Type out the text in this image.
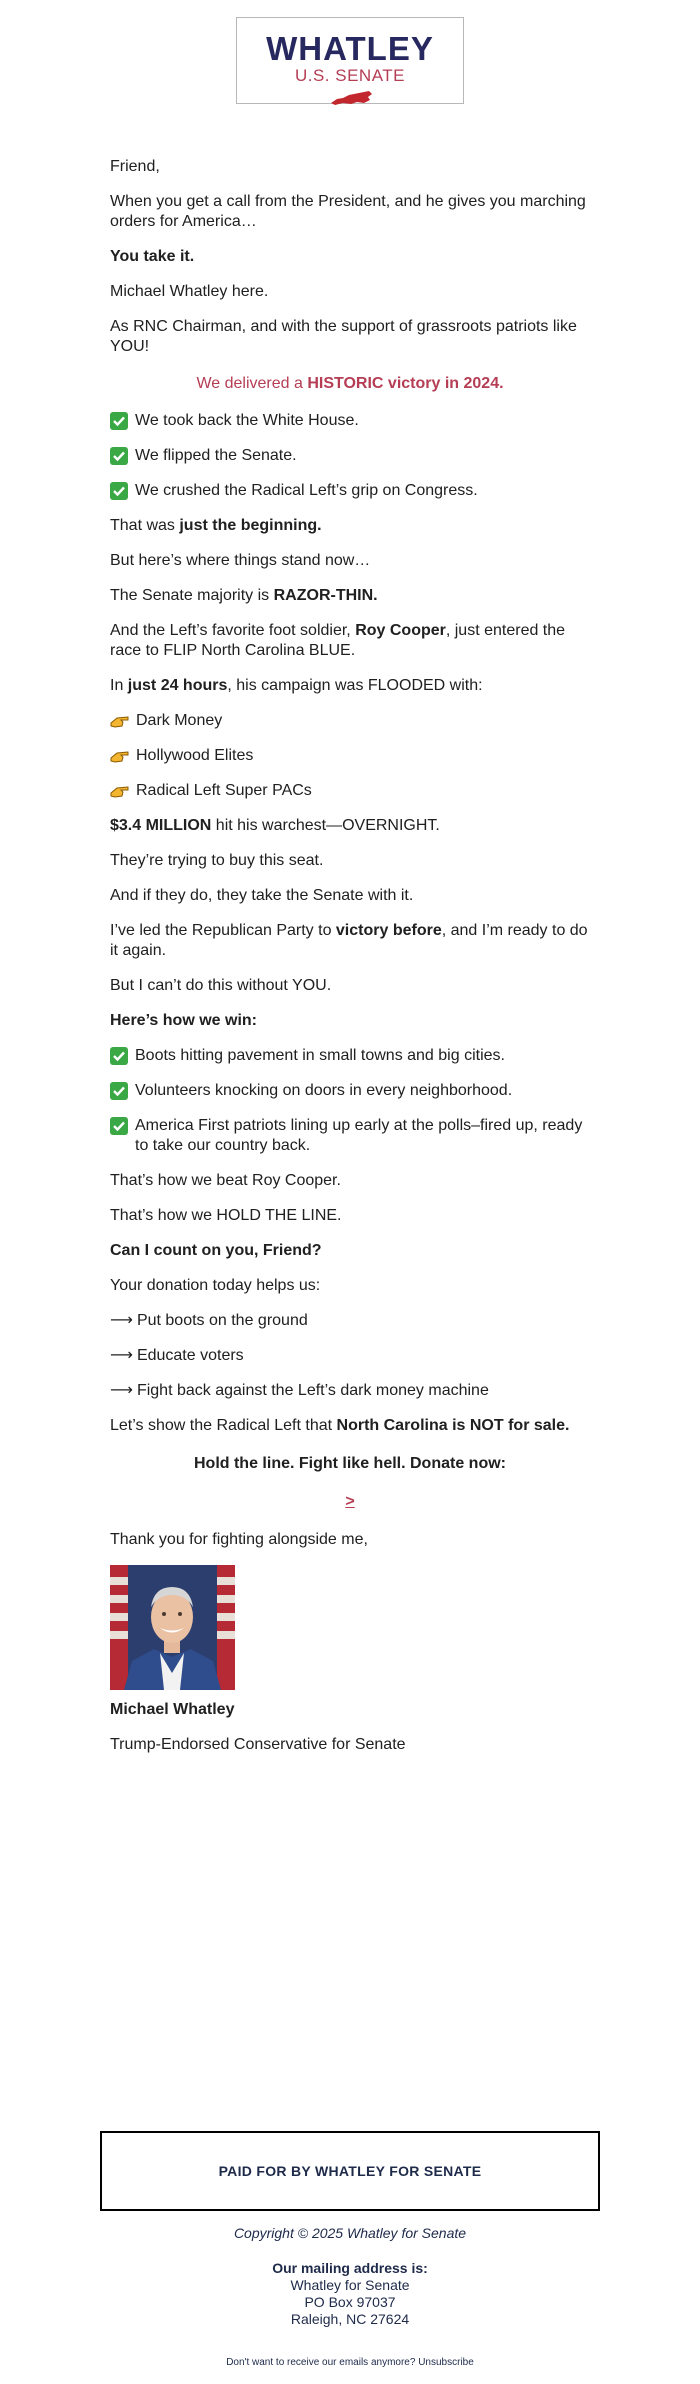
WHATLEY
U.S. SENATE

Friend,

When you get a call from the President, and he gives you marching orders for America…

You take it.

Michael Whatley here.

As RNC Chairman, and with the support of grassroots patriots like YOU!

We delivered a HISTORIC victory in 2024.

We took back the White House.
We flipped the Senate.
We crushed the Radical Left’s grip on Congress.

That was just the beginning.

But here’s where things stand now…

The Senate majority is RAZOR-THIN.

And the Left’s favorite foot soldier, Roy Cooper, just entered the race to FLIP North Carolina BLUE.

In just 24 hours, his campaign was FLOODED with:

Dark Money
Hollywood Elites
Radical Left Super PACs

$3.4 MILLION hit his warchest—OVERNIGHT.

They’re trying to buy this seat.

And if they do, they take the Senate with it.

I’ve led the Republican Party to victory before, and I’m ready to do it again.

But I can’t do this without YOU.

Here’s how we win:

Boots hitting pavement in small towns and big cities.
Volunteers knocking on doors in every neighborhood.
America First patriots lining up early at the polls–fired up, ready to take our country back.

That’s how we beat Roy Cooper.

That’s how we HOLD THE LINE.

Can I count on you, Friend?

Your donation today helps us:

⟶ Put boots on the ground

⟶ Educate voters

⟶ Fight back against the Left’s dark money machine

Let’s show the Radical Left that North Carolina is NOT for sale.

Hold the line. Fight like hell. Donate now:

>

Thank you for fighting alongside me,

Michael Whatley

Trump-Endorsed Conservative for Senate

PAID FOR BY WHATLEY FOR SENATE
Copyright © 2025 Whatley for Senate
Our mailing address is:
Whatley for Senate
PO Box 97037
Raleigh, NC 27624
Don't want to receive our emails anymore? Unsubscribe
